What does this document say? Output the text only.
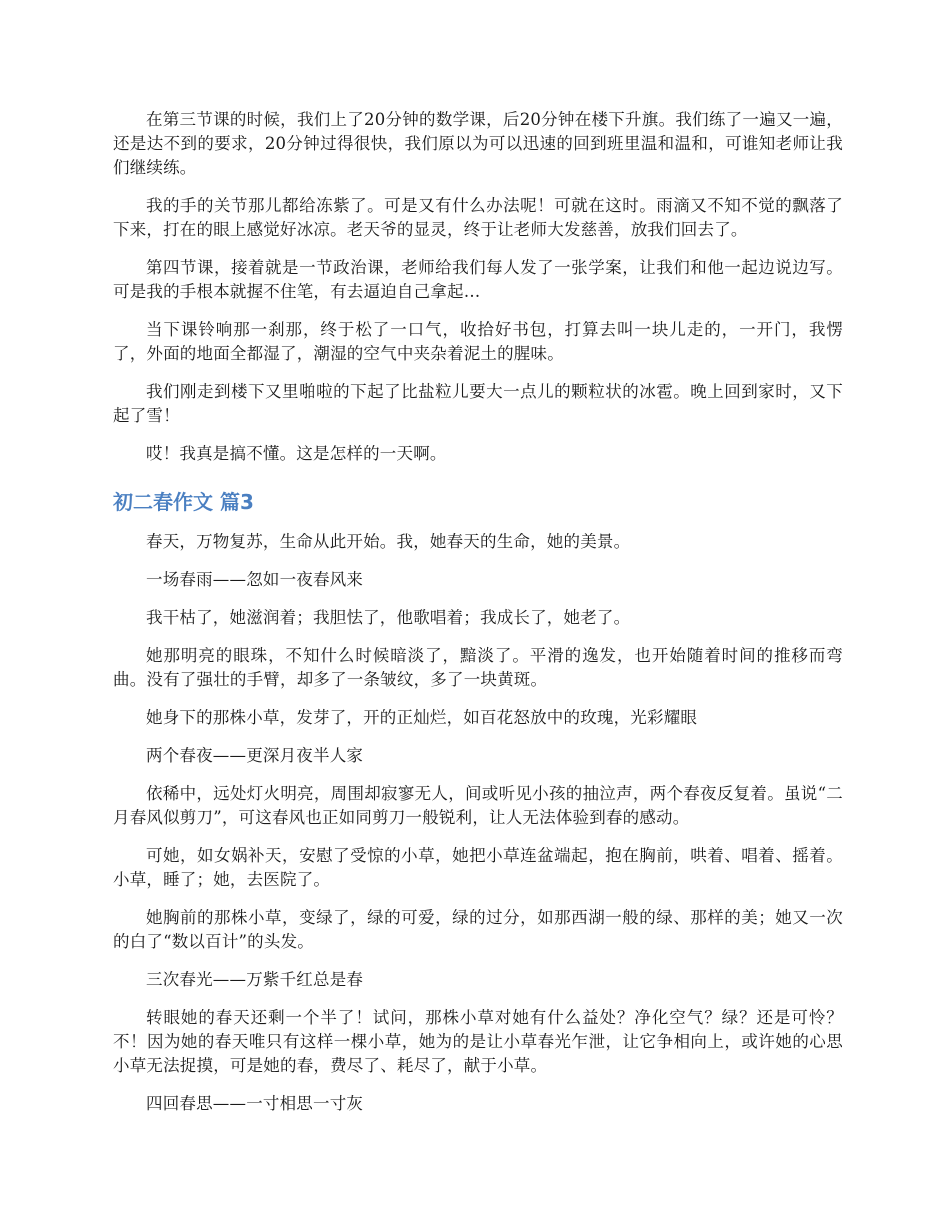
在第三节课的时候，我们上了20分钟的数学课，后20分钟在楼下升旗。我们练了一遍又一遍，还是达不到的要求，20分钟过得很快，我们原以为可以迅速的回到班里温和温和，可谁知老师让我们继续练。

我的手的关节那儿都给冻紫了。可是又有什么办法呢！可就在这时。雨滴又不知不觉的飘落了下来，打在的眼上感觉好冰凉。老天爷的显灵，终于让老师大发慈善，放我们回去了。

第四节课，接着就是一节政治课，老师给我们每人发了一张学案，让我们和他一起边说边写。可是我的手根本就握不住笔，有去逼迫自己拿起…

当下课铃响那一刹那，终于松了一口气，收拾好书包，打算去叫一块儿走的，一开门，我愣了，外面的地面全都湿了，潮湿的空气中夹杂着泥土的腥味。

我们刚走到楼下又里啪啦的下起了比盐粒儿要大一点儿的颗粒状的冰雹。晚上回到家时，又下起了雪！

哎！我真是搞不懂。这是怎样的一天啊。

初二春作文 篇3

春天，万物复苏，生命从此开始。我，她春天的生命，她的美景。

一场春雨——忽如一夜春风来

我干枯了，她滋润着；我胆怯了，他歌唱着；我成长了，她老了。

她那明亮的眼珠，不知什么时候暗淡了，黯淡了。平滑的逸发，也开始随着时间的推移而弯曲。没有了强壮的手臂，却多了一条皱纹，多了一块黄斑。

她身下的那株小草，发芽了，开的正灿烂，如百花怒放中的玫瑰，光彩耀眼

两个春夜——更深月夜半人家

依稀中，远处灯火明亮，周围却寂寥无人，间或听见小孩的抽泣声，两个春夜反复着。虽说“二月春风似剪刀”，可这春风也正如同剪刀一般锐利，让人无法体验到春的感动。

可她，如女娲补天，安慰了受惊的小草，她把小草连盆端起，抱在胸前，哄着、唱着、摇着。小草，睡了；她，去医院了。

她胸前的那株小草，变绿了，绿的可爱，绿的过分，如那西湖一般的绿、那样的美；她又一次的白了“数以百计”的头发。

三次春光——万紫千红总是春

转眼她的春天还剩一个半了！试问，那株小草对她有什么益处？净化空气？绿？还是可怜？不！因为她的春天唯只有这样一棵小草，她为的是让小草春光乍泄，让它争相向上，或许她的心思小草无法捉摸，可是她的春，费尽了、耗尽了，献于小草。

四回春思——一寸相思一寸灰
